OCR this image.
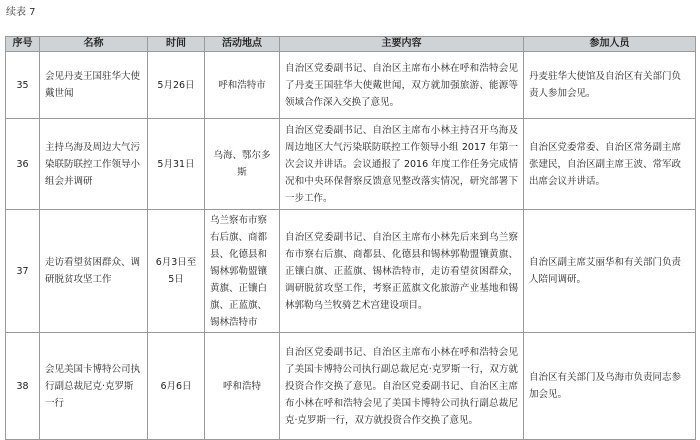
续表 7
序号	名称	时间	活动地点	主要内容	参加人员
35	会见丹麦王国驻华大使戴世闻	5月26日	呼和浩特市	自治区党委副书记、自治区主席布小林在呼和浩特会见了丹麦王国驻华大使戴世闻，双方就加强旅游、能源等领域合作深入交换了意见。	丹麦驻华大使馆及自治区有关部门负责人参加会见。
36	主持乌海及周边大气污染联防联控工作领导小组会并调研	5月31日	乌海、鄂尔多斯	自治区党委副书记、自治区主席布小林主持召开乌海及周边地区大气污染联防联控工作领导小组 2017 年第一次会议并讲话。会议通报了 2016 年度工作任务完成情况和中央环保督察反馈意见整改落实情况，研究部署下一步工作。	自治区党委常委、自治区常务副主席张建民，自治区副主席王波、常军政出席会议并讲话。
37	走访看望贫困群众、调研脱贫攻坚工作	6月3日至5日	乌兰察布市察右后旗、商都县、化德县和锡林郭勒盟镶黄旗、正镶白旗、正蓝旗、锡林浩特市	自治区党委副书记、自治区主席布小林先后来到乌兰察布市察右后旗、商都县、化德县和锡林郭勒盟镶黄旗、正镶白旗、正蓝旗、锡林浩特市，走访看望贫困群众，调研脱贫攻坚工作，考察正蓝旗文化旅游产业基地和锡林郭勒乌兰牧骑艺术宫建设项目。	自治区副主席艾丽华和有关部门负责人陪同调研。
38	会见美国卡博特公司执行副总裁尼克·克罗斯一行	6月6日	呼和浩特	自治区党委副书记、自治区主席布小林在呼和浩特会见了美国卡博特公司执行副总裁尼克·克罗斯一行，双方就投资合作交换了意见。自治区党委副书记、自治区主席布小林在呼和浩特会见了美国卡博特公司执行副总裁尼克·克罗斯一行，双方就投资合作交换了意见。	自治区有关部门及乌海市负责同志参加会见。
